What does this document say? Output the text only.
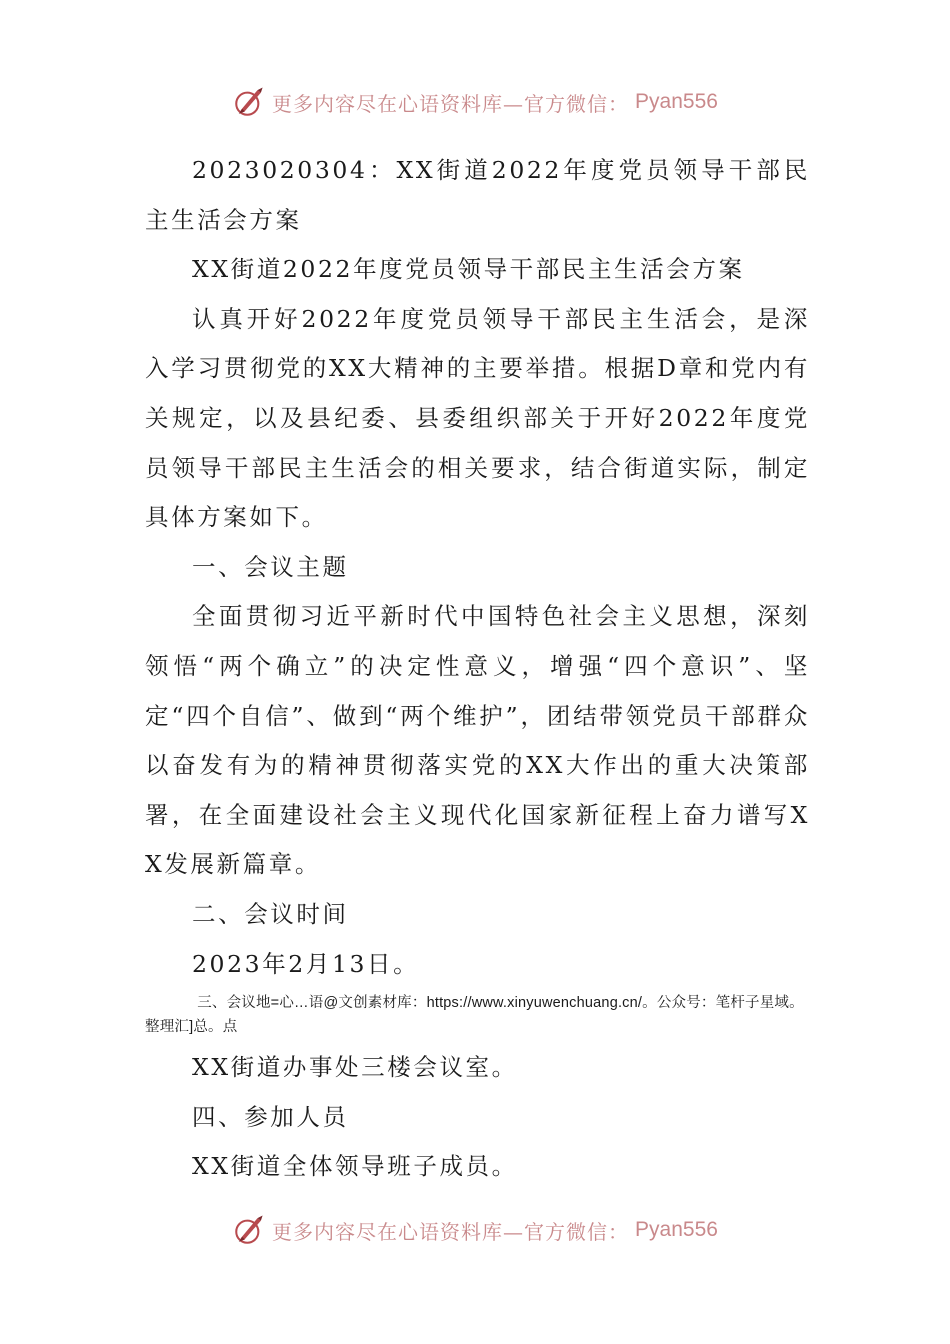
更多内容尽在心语资料库—官方微信： Pyan556

2023020304：XX街道2022年度党员领导干部民主生活会方案

XX街道2022年度党员领导干部民主生活会方案

认真开好2022年度党员领导干部民主生活会，是深入学习贯彻党的XX大精神的主要举措。根据D章和党内有关规定，以及县纪委、县委组织部关于开好2022年度党员领导干部民主生活会的相关要求，结合街道实际，制定具体方案如下。

一、会议主题

全面贯彻习近平新时代中国特色社会主义思想，深刻领悟“两个确立”的决定性意义，增强“四个意识”、坚定“四个自信”、做到“两个维护”，团结带领党员干部群众以奋发有为的精神贯彻落实党的XX大作出的重大决策部署，在全面建设社会主义现代化国家新征程上奋力谱写XX发展新篇章。

二、会议时间

2023年2月13日。

三、会议地=心…语@文创素材库：https://www.xinyuwenchuang.cn/。公众号：笔杆子星域。整理汇]总。点

XX街道办事处三楼会议室。

四、参加人员

XX街道全体领导班子成员。

更多内容尽在心语资料库—官方微信： Pyan556
